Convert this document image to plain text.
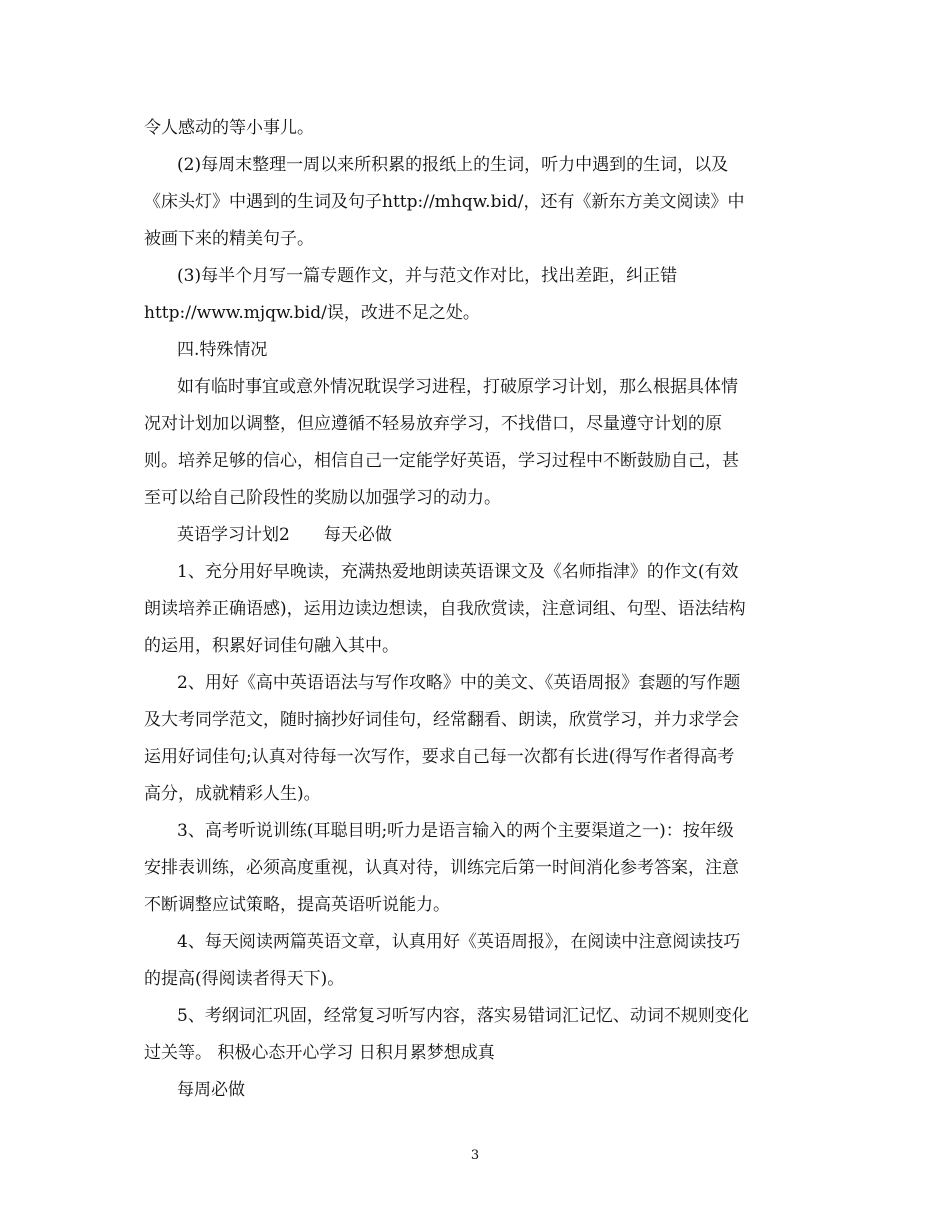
令人感动的等小事儿。
(2)每周末整理一周以来所积累的报纸上的生词，听力中遇到的生词，以及
《床头灯》中遇到的生词及句子http://mhqw.bid/，还有《新东方美文阅读》中
被画下来的精美句子。
(3)每半个月写一篇专题作文，并与范文作对比，找出差距，纠正错
http://www.mjqw.bid/误，改进不足之处。
四.特殊情况
如有临时事宜或意外情况耽误学习进程，打破原学习计划，那么根据具体情
况对计划加以调整，但应遵循不轻易放弃学习，不找借口，尽量遵守计划的原
则。培养足够的信心，相信自己一定能学好英语，学习过程中不断鼓励自己，甚
至可以给自己阶段性的奖励以加强学习的动力。
英语学习计划2　　每天必做
1、充分用好早晚读，充满热爱地朗读英语课文及《名师指津》的作文(有效
朗读培养正确语感)，运用边读边想读，自我欣赏读，注意词组、句型、语法结构
的运用，积累好词佳句融入其中。
2、用好《高中英语语法与写作攻略》中的美文、《英语周报》套题的写作题
及大考同学范文，随时摘抄好词佳句，经常翻看、朗读，欣赏学习，并力求学会
运用好词佳句;认真对待每一次写作，要求自己每一次都有长进(得写作者得高考
高分，成就精彩人生)。
3、高考听说训练(耳聪目明;听力是语言输入的两个主要渠道之一)：按年级
安排表训练，必须高度重视，认真对待，训练完后第一时间消化参考答案，注意
不断调整应试策略，提高英语听说能力。
4、每天阅读两篇英语文章，认真用好《英语周报》，在阅读中注意阅读技巧
的提高(得阅读者得天下)。
5、考纲词汇巩固，经常复习听写内容，落实易错词汇记忆、动词不规则变化
过关等。 积极心态开心学习 日积月累梦想成真
每周必做
3
